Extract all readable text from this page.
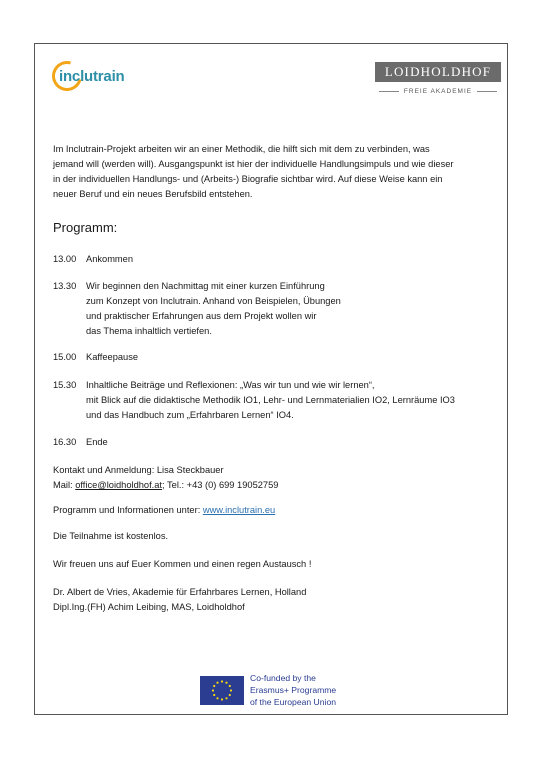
inclutrain	LOIDHOLDHOF
FREIE AKADEMIE
Im Inclutrain-Projekt arbeiten wir an einer Methodik, die hilft sich mit dem zu verbinden, was
jemand will (werden will). Ausgangspunkt ist hier der individuelle Handlungsimpuls und wie dieser
in der individuellen Handlungs- und (Arbeits-) Biografie sichtbar wird. Auf diese Weise kann ein
neuer Beruf und ein neues Berufsbild entstehen.
Programm:
13.00 Ankommen
13.30 Wir beginnen den Nachmittag mit einer kurzen Einführung
zum Konzept von Inclutrain. Anhand von Beispielen, Übungen
und praktischer Erfahrungen aus dem Projekt wollen wir
das Thema inhaltlich vertiefen.
15.00 Kaffeepause
15.30 Inhaltliche Beiträge und Reflexionen: „Was wir tun und wie wir lernen“,
mit Blick auf die didaktische Methodik IO1, Lehr- und Lernmaterialien IO2, Lernräume IO3
und das Handbuch zum „Erfahrbaren Lernen“ IO4.
16.30 Ende
Kontakt und Anmeldung: Lisa Steckbauer
Mail: office@loidholdhof.at; Tel.: +43 (0) 699 19052759
Programm und Informationen unter: www.inclutrain.eu
Die Teilnahme ist kostenlos.
Wir freuen uns auf Euer Kommen und einen regen Austausch !
Dr. Albert de Vries, Akademie für Erfahrbares Lernen, Holland
Dipl.Ing.(FH) Achim Leibing, MAS, Loidholdhof
Co-funded by the
Erasmus+ Programme
of the European Union
